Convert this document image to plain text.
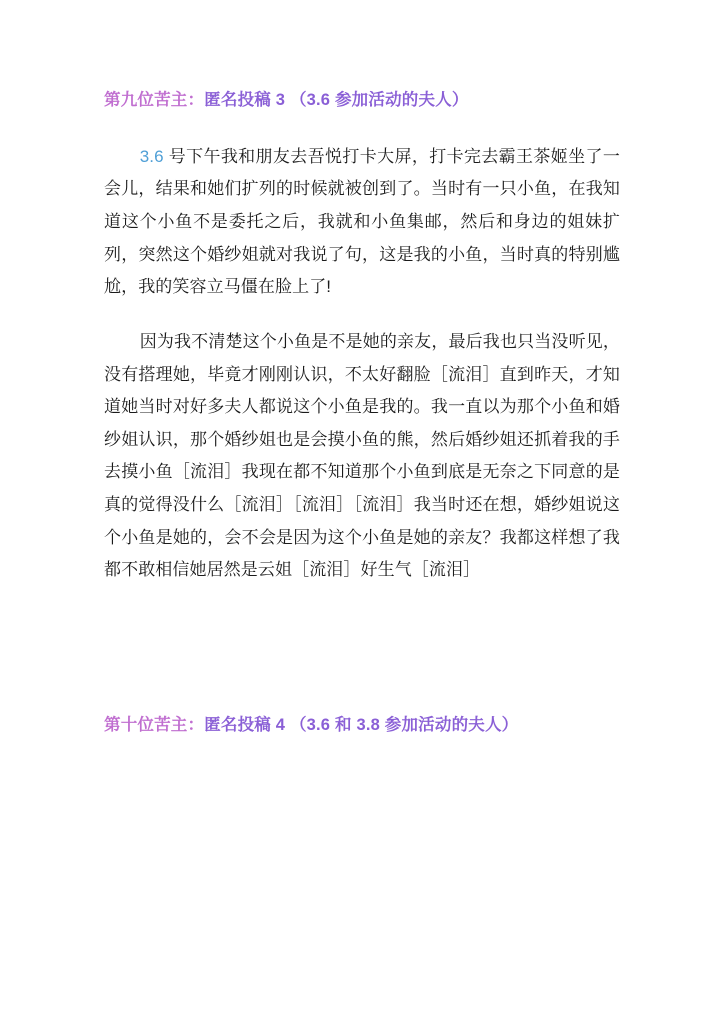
第九位苦主：匿名投稿 3 （3.6 参加活动的夫人）

3.6 号下午我和朋友去吾悦打卡大屏，打卡完去霸王茶姬坐了一会儿，结果和她们扩列的时候就被创到了。当时有一只小鱼，在我知道这个小鱼不是委托之后，我就和小鱼集邮，然后和身边的姐妹扩列，突然这个婚纱姐就对我说了句，这是我的小鱼，当时真的特别尴尬，我的笑容立马僵在脸上了!

因为我不清楚这个小鱼是不是她的亲友，最后我也只当没听见，没有搭理她，毕竟才刚刚认识，不太好翻脸［流泪］直到昨天，才知道她当时对好多夫人都说这个小鱼是我的。我一直以为那个小鱼和婚纱姐认识，那个婚纱姐也是会摸小鱼的熊，然后婚纱姐还抓着我的手去摸小鱼［流泪］我现在都不知道那个小鱼到底是无奈之下同意的是真的觉得没什么［流泪］［流泪］［流泪］我当时还在想，婚纱姐说这个小鱼是她的，会不会是因为这个小鱼是她的亲友？我都这样想了我都不敢相信她居然是云姐［流泪］好生气［流泪］

第十位苦主：匿名投稿 4 （3.6 和 3.8 参加活动的夫人）
